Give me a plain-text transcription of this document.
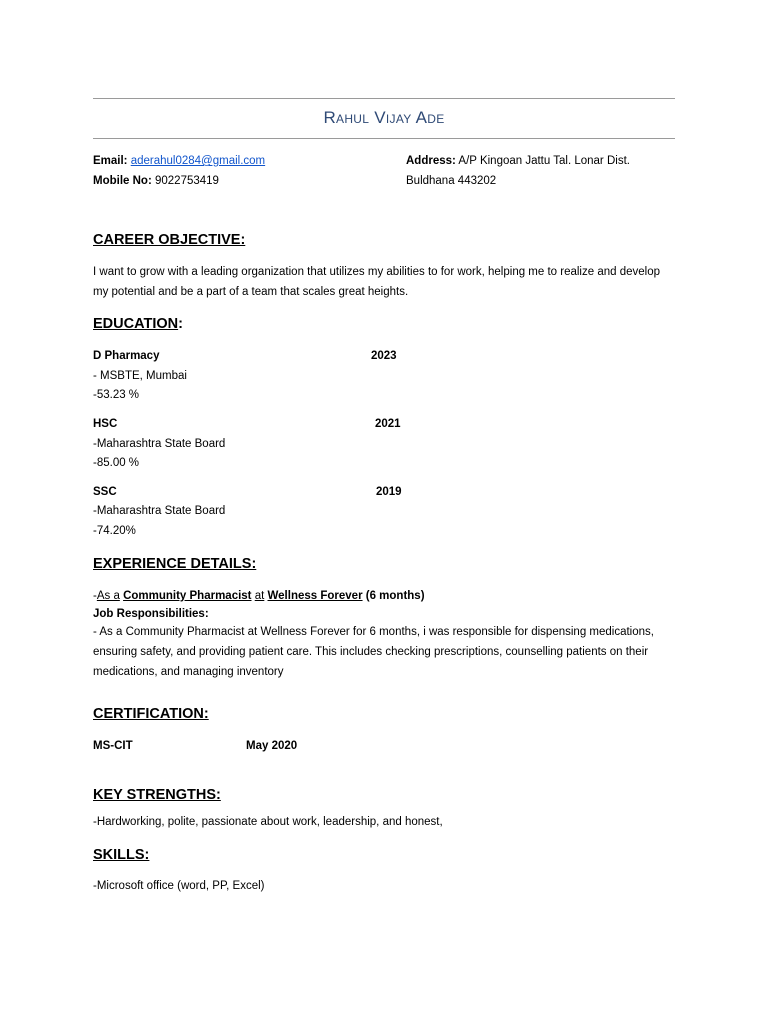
Rahul Vijay Ade
Email: aderahul0284@gmail.com
Mobile No: 9022753419
Address: A/P Kingoan Jattu Tal. Lonar Dist.
Buldhana 443202
CAREER OBJECTIVE:
I want to grow with a leading organization that utilizes my abilities to for work, helping me to realize and develop my potential and be a part of a team that scales great heights.
EDUCATION:
D Pharmacy	2023
- MSBTE, Mumbai
-53.23 %
HSC	2021
-Maharashtra State Board
-85.00 %
SSC	2019
-Maharashtra State Board
-74.20%
EXPERIENCE DETAILS:
-As a Community Pharmacist at Wellness Forever (6 months)
Job Responsibilities:
- As a Community Pharmacist at Wellness Forever for 6 months, i was responsible for dispensing medications, ensuring safety, and providing patient care. This includes checking prescriptions, counselling patients on their medications, and managing inventory
CERTIFICATION:
MS-CIT	May 2020
KEY STRENGTHS:
-Hardworking, polite, passionate about work, leadership, and honest,
SKILLS:
-Microsoft office (word, PP, Excel)
